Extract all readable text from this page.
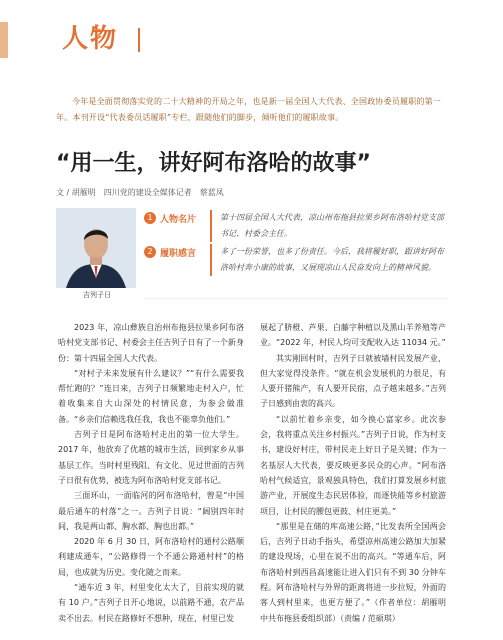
人物
今年是全面贯彻落实党的二十大精神的开局之年，也是新一届全国人大代表、全国政协委员履职的第一年。本刊开设“代表委员话履职”专栏，跟随他们的脚步，倾听他们的履职故事。
“用一生，讲好阿布洛哈的故事”
文 / 胡雁明　四川党的建设全媒体记者　蔡蓝凤
吉列子日
1 人物名片	第十四届全国人大代表，凉山州布拖县拉果乡阿布洛哈村党支部书记、村委会主任。
2 履职感言	多了一份荣誉，也多了份责任。今后，我将履好职，跟讲好阿布洛哈村奔小康的故事，又展现凉山人民奋发向上的精神风貌。

2023 年，凉山彝族自治州布拖县拉果乡阿布洛哈村党支部书记、村委会主任吉列子日有了一个新身份：第十四届全国人大代表。

“对村子未来发展有什么建议？”“有什么需要我帮忙跑的？”连日来，吉列子日频繁地走村入户，忙着收集来自大山深处的村情民意，为参会做准备。“乡亲们信赖选我任我，我也不能辜负他们。”

吉列子日是阿布洛哈村走出的第一位大学生。2017 年，他放弃了优越的城市生活，回到家乡从事基层工作。当时村里残阻、有文化、见过世面的吉列子日很有优势，被选为阿布洛哈村党支部书记。

三面环山，一面临河的阿布洛哈村，曾是“中国最后通车的村落”之一。吉列子日说：“阔别四年时间，我是两山都、胸水都、胸也出都。”

2020 年 6 月 30 日，阿布洛哈村的通村公路顺利建成通车，“公路修得一个不通公路通村村”的格局，也成就为历史。变化随之而来。

“通车近 3 年，村里变化太大了，目前实现的就有 10 户。”吉列子日开心地说，以前路不通，农产品卖不出去。村民在路修好不想种，现在，村里已发

展起了脐橙、芦果、白藤字种植以及黑山羊养殖等产业。“2022 年，村民人均可支配收入达 11034 元。”

其实刚回村时，吉列子日就被墙村民发展产业，但大家觉得没条件。“就在机会发展机的力很足，有人要开猪熊产，有人要开民宿，点子越来越多。”吉列子日感到由衷的高兴。

“以前忙着乡亲变，如今换心富家乡。此次参会，我将重点关注乡村振兴。”吉列子日说，作为村支书，建设好村庄，带村民走上好日子是关键；作为一名基层人大代表，要反映更多民众的心声。“阿布洛哈村气候适宜，景观独具特色，我们打算发展乡村旅游产业，开展度生态民居体验，而逐快能等乡村旅游项目，让村民的腰包更鼓、村庄更美。”

“那里是在储的库高速公路，”比发表所全国两会后，吉列子日动手指头，希望凉州高速公路加大加紧的建设现场，心里在说不出的高兴。“等通车后，阿布洛哈村到西昌高速能让进入们只有不到 30 分钟车程。阿布洛哈村与外界的距离将进一步拉短，外面的客人到村里来，也更方便了。”（作者单位：胡雁明　中共布拖县委组织部）（责编 / 范硕琪）
